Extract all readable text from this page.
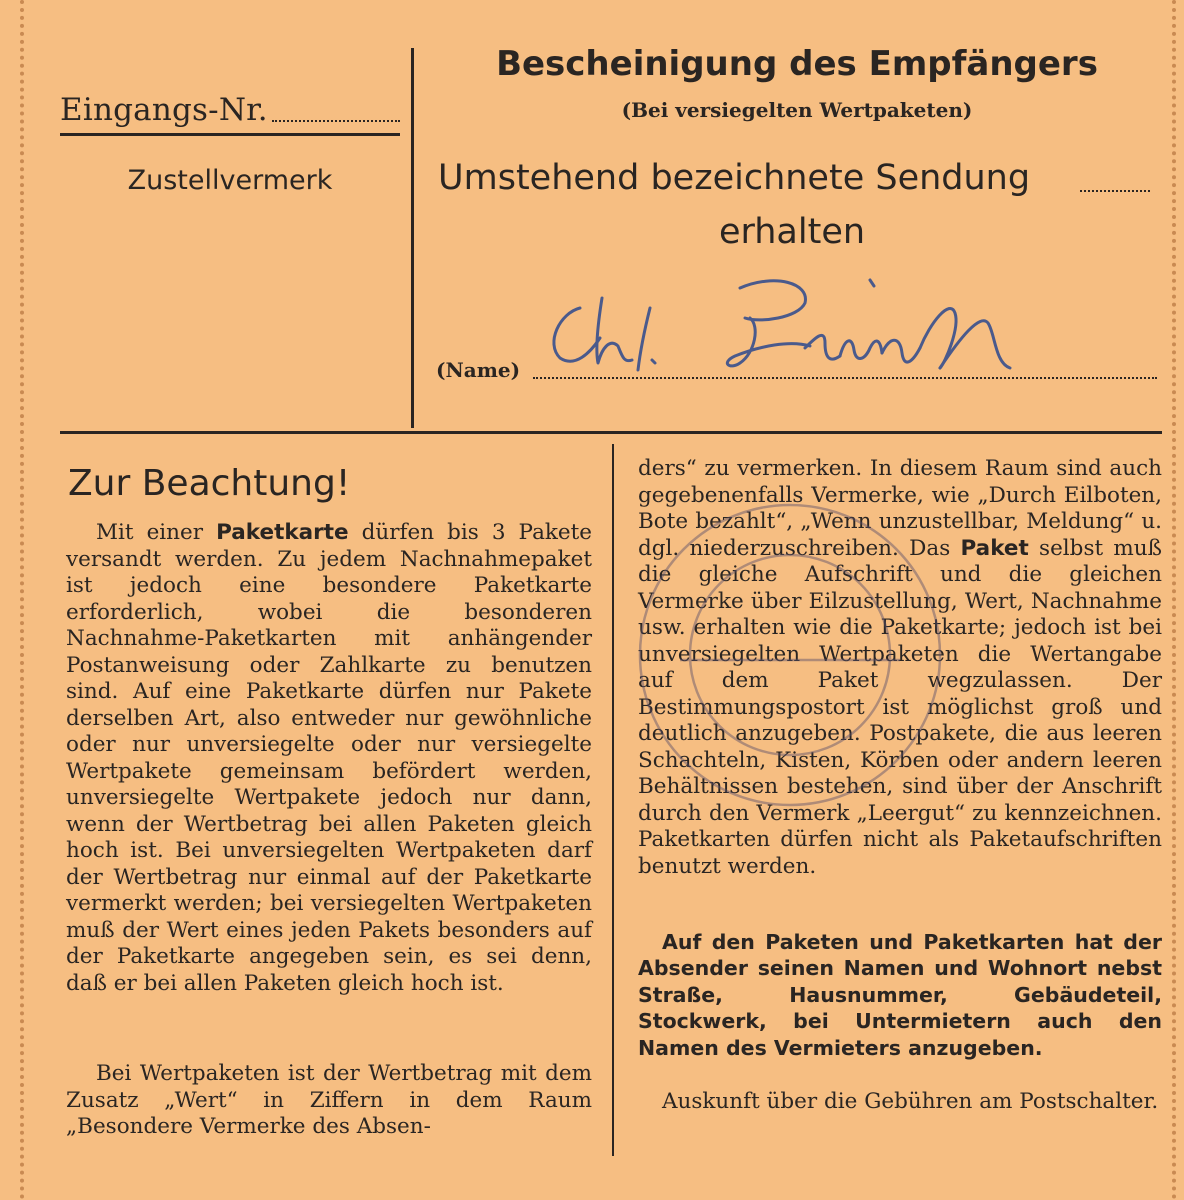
Eingangs-Nr.
Zustellvermerk
Bescheinigung des Empfängers
(Bei versiegelten Wertpaketen)
Umstehend bezeichnete Sendung
erhalten
(Name)
Zur Beachtung!

Mit einer Paketkarte dürfen bis 3 Pakete versandt werden. Zu jedem Nachnahmepaket ist jedoch eine besondere Paketkarte erforderlich, wobei die besonderen Nachnahme-Paketkarten mit anhängender Postanweisung oder Zahlkarte zu benutzen sind. Auf eine Paketkarte dürfen nur Pakete derselben Art, also entweder nur gewöhnliche oder nur unversiegelte oder nur versiegelte Wertpakete gemeinsam befördert werden, unversiegelte Wertpakete jedoch nur dann, wenn der Wertbetrag bei allen Paketen gleich hoch ist. Bei unversiegelten Wertpaketen darf der Wertbetrag nur einmal auf der Paketkarte vermerkt werden; bei versiegelten Wertpaketen muß der Wert eines jeden Pakets besonders auf der Paketkarte angegeben sein, es sei denn, daß er bei allen Paketen gleich hoch ist.

Bei Wertpaketen ist der Wertbetrag mit dem Zusatz „Wert“ in Ziffern in dem Raum „Besondere Vermerke des Absen-

ders“ zu vermerken. In diesem Raum sind auch gegebenenfalls Vermerke, wie „Durch Eilboten, Bote bezahlt“, „Wenn unzustellbar, Meldung“ u. dgl. niederzuschreiben. Das Paket selbst muß die gleiche Aufschrift und die gleichen Vermerke über Eilzustellung, Wert, Nachnahme usw. erhalten wie die Paketkarte; jedoch ist bei unversiegelten Wertpaketen die Wertangabe auf dem Paket wegzulassen. Der Bestimmungspostort ist möglichst groß und deutlich anzugeben. Postpakete, die aus leeren Schachteln, Kisten, Körben oder andern leeren Behältnissen bestehen, sind über der Anschrift durch den Vermerk „Leergut“ zu kennzeichnen. Paketkarten dürfen nicht als Paketaufschriften benutzt werden.

Auf den Paketen und Paketkarten hat der Absender seinen Namen und Wohnort nebst Straße, Hausnummer, Gebäudeteil, Stockwerk, bei Untermietern auch den Namen des Vermieters anzugeben.

Auskunft über die Gebühren am Postschalter.
